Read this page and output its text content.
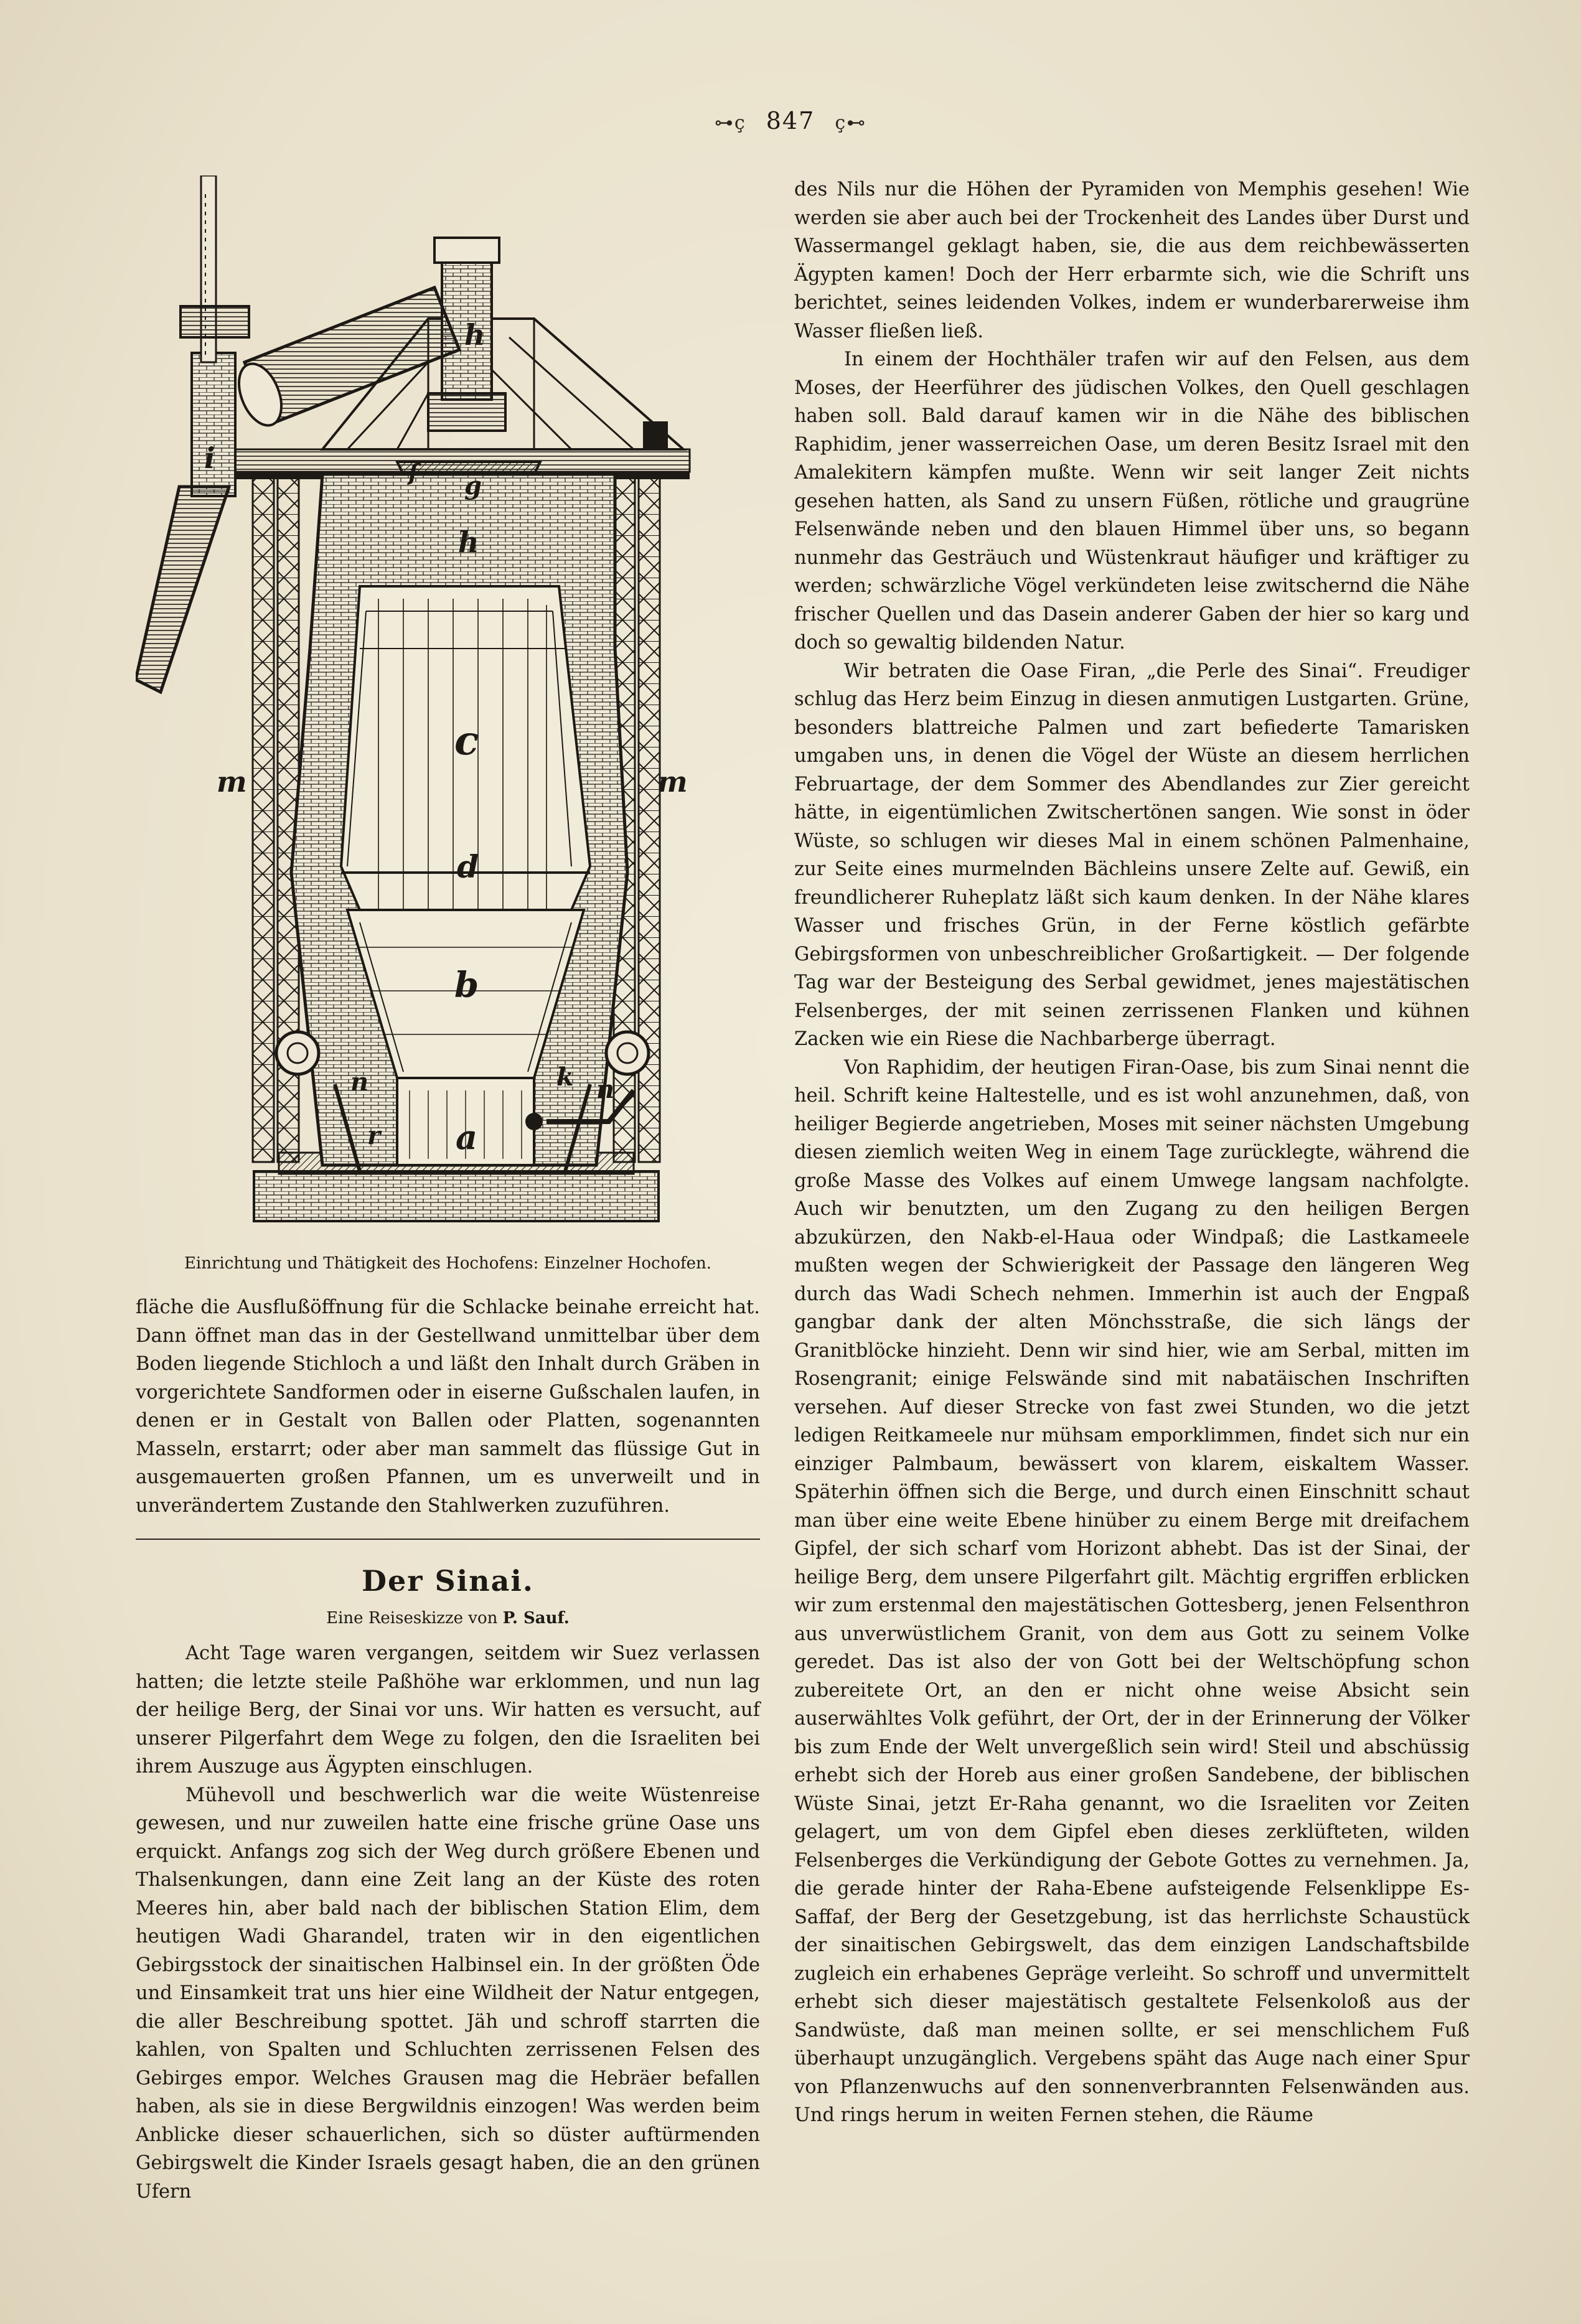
⊶ç 847 ç⊷
h
g
f
h
c
d
b
a
m	m
i
k
n	n
r
Einrichtung und Thätigkeit des Hochofens: Einzelner Hochofen.

fläche die Ausflußöffnung für die Schlacke beinahe erreicht hat. Dann öffnet man das in der Gestellwand unmittelbar über dem Boden liegende Stichloch a und läßt den Inhalt durch Gräben in vorgerichtete Sandformen oder in eiserne Gußschalen laufen, in denen er in Gestalt von Ballen oder Platten, sogenannten Masseln, erstarrt; oder aber man sammelt das flüssige Gut in ausgemauerten großen Pfannen, um es unverweilt und in unverändertem Zustande den Stahlwerken zuzuführen.

Der Sinai.
Eine Reiseskizze von P. Sauf.

Acht Tage waren vergangen, seitdem wir Suez verlassen hatten; die letzte steile Paßhöhe war erklommen, und nun lag der heilige Berg, der Sinai vor uns. Wir hatten es versucht, auf unserer Pilgerfahrt dem Wege zu folgen, den die Israeliten bei ihrem Auszuge aus Ägypten einschlugen.

Mühevoll und beschwerlich war die weite Wüstenreise gewesen, und nur zuweilen hatte eine frische grüne Oase uns erquickt. Anfangs zog sich der Weg durch größere Ebenen und Thalsenkungen, dann eine Zeit lang an der Küste des roten Meeres hin, aber bald nach der biblischen Station Elim, dem heutigen Wadi Gharandel, traten wir in den eigentlichen Gebirgsstock der sinaitischen Halbinsel ein. In der größten Öde und Einsamkeit trat uns hier eine Wildheit der Natur entgegen, die aller Beschreibung spottet. Jäh und schroff starrten die kahlen, von Spalten und Schluchten zerrissenen Felsen des Gebirges empor. Welches Grausen mag die Hebräer befallen haben, als sie in diese Bergwildnis einzogen! Was werden beim Anblicke dieser schauerlichen, sich so düster auftürmenden Gebirgswelt die Kinder Israels gesagt haben, die an den grünen Ufern

des Nils nur die Höhen der Pyramiden von Memphis gesehen! Wie werden sie aber auch bei der Trockenheit des Landes über Durst und Wassermangel geklagt haben, sie, die aus dem reichbewässerten Ägypten kamen! Doch der Herr erbarmte sich, wie die Schrift uns berichtet, seines leidenden Volkes, indem er wunderbarerweise ihm Wasser fließen ließ.

In einem der Hochthäler trafen wir auf den Felsen, aus dem Moses, der Heerführer des jüdischen Volkes, den Quell geschlagen haben soll. Bald darauf kamen wir in die Nähe des biblischen Raphidim, jener wasserreichen Oase, um deren Besitz Israel mit den Amalekitern kämpfen mußte. Wenn wir seit langer Zeit nichts gesehen hatten, als Sand zu unsern Füßen, rötliche und graugrüne Felsenwände neben und den blauen Himmel über uns, so begann nunmehr das Gesträuch und Wüstenkraut häufiger und kräftiger zu werden; schwärzliche Vögel verkündeten leise zwitschernd die Nähe frischer Quellen und das Dasein anderer Gaben der hier so karg und doch so gewaltig bildenden Natur.

Wir betraten die Oase Firan, „die Perle des Sinai“. Freudiger schlug das Herz beim Einzug in diesen anmutigen Lustgarten. Grüne, besonders blattreiche Palmen und zart befiederte Tamarisken umgaben uns, in denen die Vögel der Wüste an diesem herrlichen Februartage, der dem Sommer des Abendlandes zur Zier gereicht hätte, in eigentümlichen Zwitschertönen sangen. Wie sonst in öder Wüste, so schlugen wir dieses Mal in einem schönen Palmenhaine, zur Seite eines murmelnden Bächleins unsere Zelte auf. Gewiß, ein freundlicherer Ruheplatz läßt sich kaum denken. In der Nähe klares Wasser und frisches Grün, in der Ferne köstlich gefärbte Gebirgsformen von unbeschreiblicher Großartigkeit. — Der folgende Tag war der Besteigung des Serbal gewidmet, jenes majestätischen Felsenberges, der mit seinen zerrissenen Flanken und kühnen Zacken wie ein Riese die Nachbarberge überragt.

Von Raphidim, der heutigen Firan-Oase, bis zum Sinai nennt die heil. Schrift keine Haltestelle, und es ist wohl anzunehmen, daß, von heiliger Begierde angetrieben, Moses mit seiner nächsten Umgebung diesen ziemlich weiten Weg in einem Tage zurücklegte, während die große Masse des Volkes auf einem Umwege langsam nachfolgte. Auch wir benutzten, um den Zugang zu den heiligen Bergen abzukürzen, den Nakb-el-Haua oder Windpaß; die Lastkameele mußten wegen der Schwierigkeit der Passage den längeren Weg durch das Wadi Schech nehmen. Immerhin ist auch der Engpaß gangbar dank der alten Mönchsstraße, die sich längs der Granitblöcke hinzieht. Denn wir sind hier, wie am Serbal, mitten im Rosengranit; einige Felswände sind mit nabatäischen Inschriften versehen. Auf dieser Strecke von fast zwei Stunden, wo die jetzt ledigen Reitkameele nur mühsam emporklimmen, findet sich nur ein einziger Palmbaum, bewässert von klarem, eiskaltem Wasser. Späterhin öffnen sich die Berge, und durch einen Einschnitt schaut man über eine weite Ebene hinüber zu einem Berge mit dreifachem Gipfel, der sich scharf vom Horizont abhebt. Das ist der Sinai, der heilige Berg, dem unsere Pilgerfahrt gilt. Mächtig ergriffen erblicken wir zum erstenmal den majestätischen Gottesberg, jenen Felsenthron aus unverwüstlichem Granit, von dem aus Gott zu seinem Volke geredet. Das ist also der von Gott bei der Weltschöpfung schon zubereitete Ort, an den er nicht ohne weise Absicht sein auserwähltes Volk geführt, der Ort, der in der Erinnerung der Völker bis zum Ende der Welt unvergeßlich sein wird! Steil und abschüssig erhebt sich der Horeb aus einer großen Sandebene, der biblischen Wüste Sinai, jetzt Er-Raha genannt, wo die Israeliten vor Zeiten gelagert, um von dem Gipfel eben dieses zerklüfteten, wilden Felsenberges die Verkündigung der Gebote Gottes zu vernehmen. Ja, die gerade hinter der Raha-Ebene aufsteigende Felsenklippe Es-Saffaf, der Berg der Gesetzgebung, ist das herrlichste Schaustück der sinaitischen Gebirgswelt, das dem einzigen Landschaftsbilde zugleich ein erhabenes Gepräge verleiht. So schroff und unvermittelt erhebt sich dieser majestätisch gestaltete Felsenkoloß aus der Sandwüste, daß man meinen sollte, er sei menschlichem Fuß überhaupt unzugänglich. Vergebens späht das Auge nach einer Spur von Pflanzenwuchs auf den sonnenverbrannten Felsenwänden aus. Und rings herum in weiten Fernen stehen, die Räume
